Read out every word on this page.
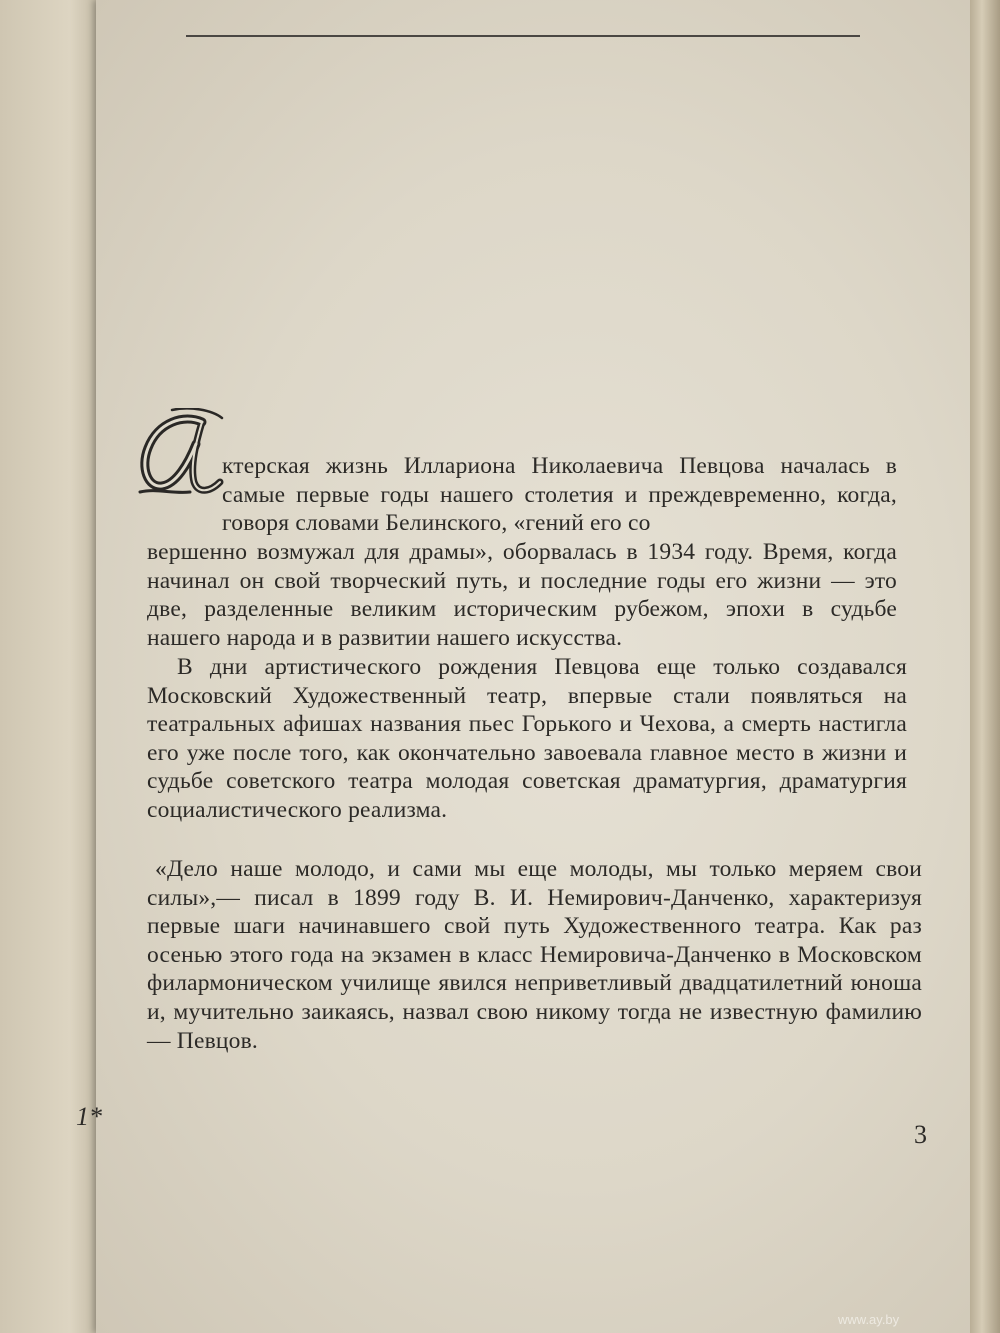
ктерская жизнь Иллариона Николаевича Певцова началась в самые первые годы нашего столетия и преждевременно, когда, говоря словами Белинского, «гений его со

вершенно возмужал для драмы», оборвалась в 1934 году. Время, когда начинал он свой творческий путь, и последние годы его жизни — это две, разделенные великим историческим рубежом, эпохи в судьбе нашего народа и в развитии нашего искусства.

В дни артистического рождения Певцова еще только создавался Московский Художественный театр, впервые стали появляться на театральных афишах названия пьес Горького и Чехова, а смерть настигла его уже после того, как окончательно завоевала главное место в жизни и судьбе советского театра молодая советская драматургия, драматургия социалистического реализма.

«Дело наше молодо, и сами мы еще молоды, мы только меряем свои силы»,— писал в 1899 году В. И. Немирович-Данченко, характеризуя первые шаги начинавшего свой путь Художественного театра. Как раз осенью этого года на экзамен в класс Немировича-Данченко в Московском филармоническом училище явился неприветливый двадцатилетний юноша и, мучительно заикаясь, назвал свою никому тогда не известную фамилию — Певцов.

1*
3
www.ay.by
